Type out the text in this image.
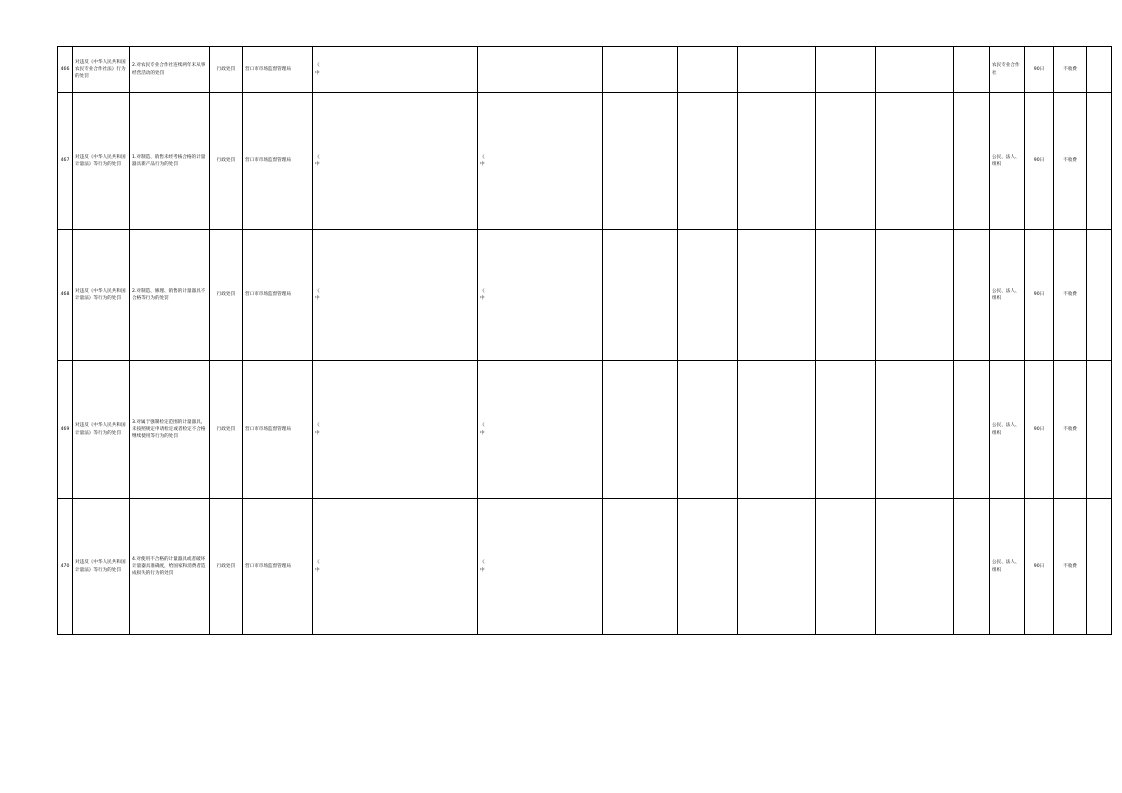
466	对违反《中华人民共和国农民专业合作社法》行为的处罚	2.对农民专业合作社连续两年未从事经营活动的处罚	行政处罚	营口市市场监督管理局	《
中								农民专业合作社	90日	不收费	
467	对违反《中华人民共和国计量法》等行为的处罚	1.对制造、销售未经考核合格的计量器具新产品行为的处罚	行政处罚	营口市市场监督管理局	《
中	《
中							公民、法人、组织	90日	不收费	
468	对违反《中华人民共和国计量法》等行为的处罚	2.对制造、修理、销售的计量器具不合格等行为的处罚	行政处罚	营口市市场监督管理局	《
中	《
中							公民、法人、组织	90日	不收费	
469	对违反《中华人民共和国计量法》等行为的处罚	3.对属于强制检定范围的计量器具，未按照规定申请检定或者检定不合格继续使用等行为的处罚	行政处罚	营口市市场监督管理局	《
中	《
中							公民、法人、组织	90日	不收费	
470	对违反《中华人民共和国计量法》等行为的处罚	4.对使用不合格的计量器具或者破坏计量器具准确度，给国家和消费者造成损失的行为的处罚	行政处罚	营口市市场监督管理局	《
中	《
中							公民、法人、组织	90日	不收费	
